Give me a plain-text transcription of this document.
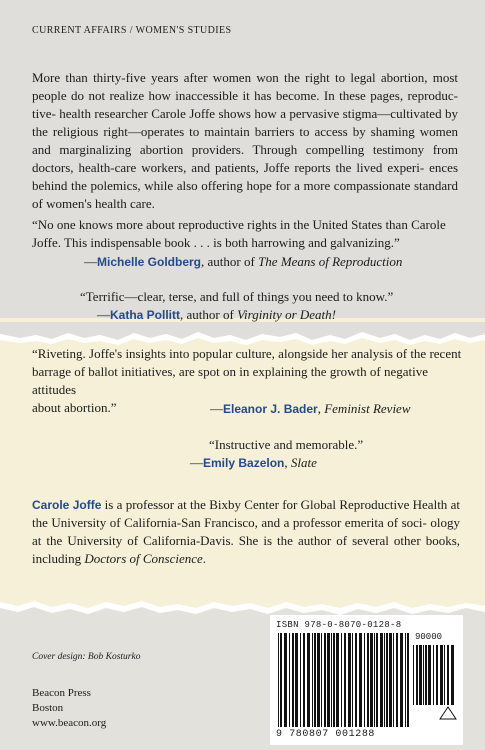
CURRENT AFFAIRS / WOMEN'S STUDIES

More than thirty-five years after women won the right to legal abortion, most people do not realize how inaccessible it has become. In these pages, reproduc- tive- health researcher Carole Joffe shows how a pervasive stigma—cultivated by the religious right—operates to maintain barriers to access by shaming women and marginalizing abortion providers. Through compelling testimony from doctors, health-care workers, and patients, Joffe reports the lived experi- ences behind the polemics, while also offering hope for a more compassionate standard of women's health care.

“No one knows more about reproductive rights in the United States than Carole
Joffe. This indispensable book . . . is both harrowing and galvanizing.”
—Michelle Goldberg, author of The Means of Reproduction
“Terrific—clear, terse, and full of things you need to know.”
—Katha Pollitt, author of Virginity or Death!
“Riveting. Joffe's insights into popular culture, alongside her analysis of the recent
barrage of ballot initiatives, are spot on in explaining the growth of negative attitudes
about abortion.”	—Eleanor J. Bader, Feminist Review
“Instructive and memorable.”
—Emily Bazelon, Slate
Carole Joffe is a professor at the Bixby Center for Global Reproductive Health at the University of California-San Francisco, and a professor emerita of soci- ology at the University of California-Davis. She is the author of several other books, including Doctors of Conscience.
Cover design: Bob Kosturko
Beacon Press
Boston
www.beacon.org
ISBN 978-0-8070-0128-8
90000
9 780807 001288
